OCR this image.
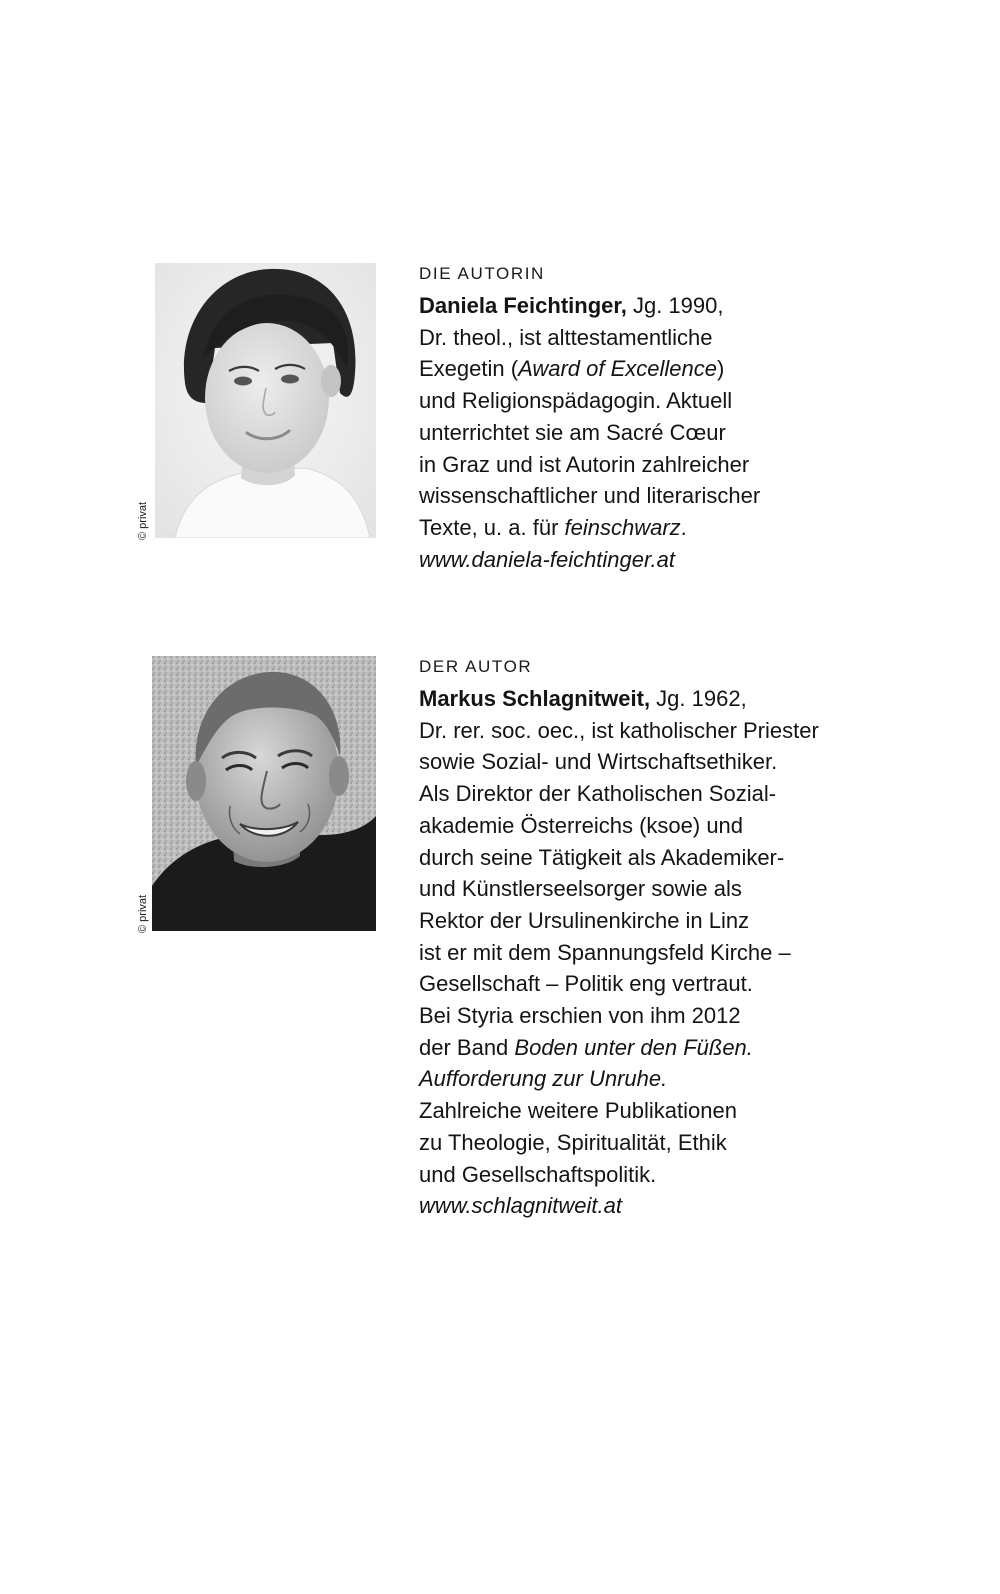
© privat
DIE AUTORIN
Daniela Feichtinger, Jg. 1990,
Dr. theol., ist alttestamentliche
Exegetin (Award of Excellence)
und Religionspädagogin. Aktuell
unterrichtet sie am Sacré Cœur
in Graz und ist Autorin zahlreicher
wissenschaftlicher und literarischer
Texte, u. a. für feinschwarz.
www.daniela-feichtinger.at
© privat
DER AUTOR
Markus Schlagnitweit, Jg. 1962,
Dr. rer. soc. oec., ist katholischer Priester
sowie Sozial- und Wirtschaftsethiker.
Als Direktor der Katholischen Sozial-
akademie Österreichs (ksoe) und
durch seine Tätigkeit als Akademiker-
und Künstlerseelsorger sowie als
Rektor der Ursulinenkirche in Linz
ist er mit dem Spannungsfeld Kirche –
Gesellschaft – Politik eng vertraut.
Bei Styria erschien von ihm 2012
der Band Boden unter den Füßen.
Aufforderung zur Unruhe.
Zahlreiche weitere Publikationen
zu Theologie, Spiritualität, Ethik
und Gesellschaftspolitik.
www.schlagnitweit.at
